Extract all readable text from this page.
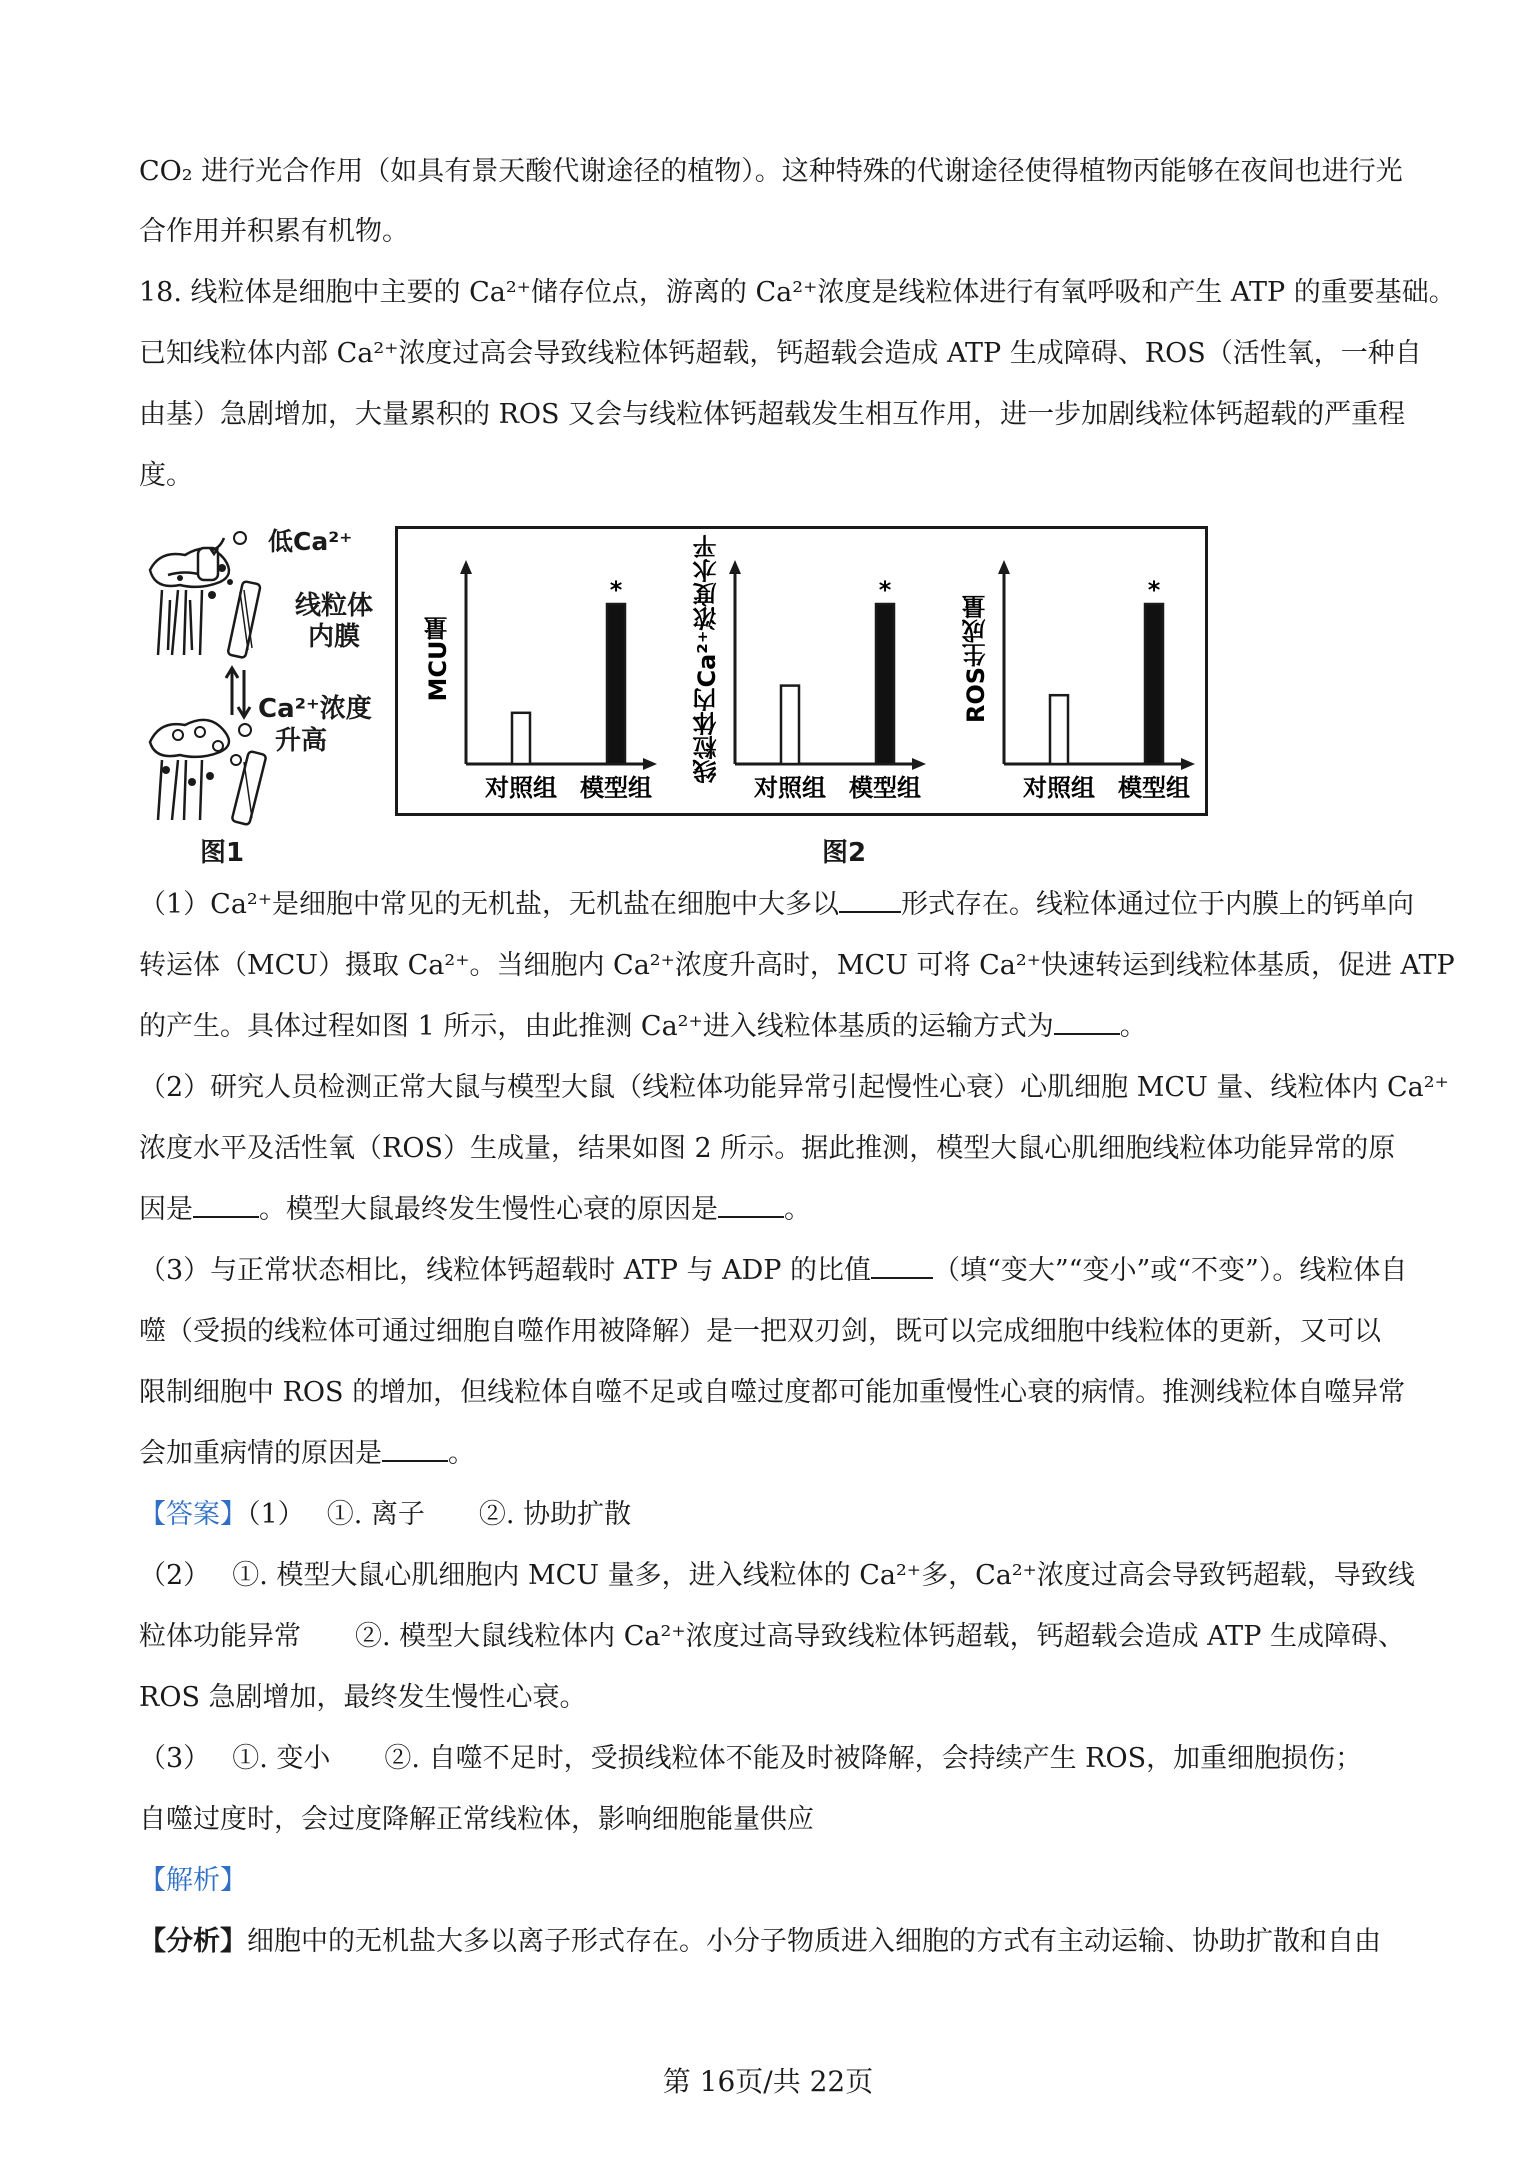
CO₂ 进行光合作用（如具有景天酸代谢途径的植物）。这种特殊的代谢途径使得植物丙能够在夜间也进行光
合作用并积累有机物。
18. 线粒体是细胞中主要的 Ca²⁺储存位点，游离的 Ca²⁺浓度是线粒体进行有氧呼吸和产生 ATP 的重要基础。
已知线粒体内部 Ca²⁺浓度过高会导致线粒体钙超载，钙超载会造成 ATP 生成障碍、ROS（活性氧，一种自
由基）急剧增加，大量累积的 ROS 又会与线粒体钙超载发生相互作用，进一步加剧线粒体钙超载的严重程
度。
低Ca²⁺
线粒体
内膜
Ca²⁺浓度
升高
图1
MCU量
对照组 模型组
*	线粒体内Ca²⁺浓度水平
对照组 模型组
*
ROS生成量
对照组 模型组
*
图2
（1）Ca²⁺是细胞中常见的无机盐，无机盐在细胞中大多以 形式存在。线粒体通过位于内膜上的钙单向
转运体（MCU）摄取 Ca²⁺。当细胞内 Ca²⁺浓度升高时，MCU 可将 Ca²⁺快速转运到线粒体基质，促进 ATP
的产生。具体过程如图 1 所示，由此推测 Ca²⁺进入线粒体基质的运输方式为 。
（2）研究人员检测正常大鼠与模型大鼠（线粒体功能异常引起慢性心衰）心肌细胞 MCU 量、线粒体内 Ca²⁺
浓度水平及活性氧（ROS）生成量，结果如图 2 所示。据此推测，模型大鼠心肌细胞线粒体功能异常的原
因是 。模型大鼠最终发生慢性心衰的原因是 。
（3）与正常状态相比，线粒体钙超载时 ATP 与 ADP 的比值 （填“变大”“变小”或“不变”）。线粒体自
噬（受损的线粒体可通过细胞自噬作用被降解）是一把双刃剑，既可以完成细胞中线粒体的更新，又可以
限制细胞中 ROS 的增加，但线粒体自噬不足或自噬过度都可能加重慢性心衰的病情。推测线粒体自噬异常
会加重病情的原因是 。
【答案】（1）　 ①. 离子　　②. 协助扩散
（2）　 ①. 模型大鼠心肌细胞内 MCU 量多，进入线粒体的 Ca²⁺多，Ca²⁺浓度过高会导致钙超载，导致线
粒体功能异常　　②. 模型大鼠线粒体内 Ca²⁺浓度过高导致线粒体钙超载，钙超载会造成 ATP 生成障碍、
ROS 急剧增加，最终发生慢性心衰。
（3）　 ①. 变小　　②. 自噬不足时，受损线粒体不能及时被降解，会持续产生 ROS，加重细胞损伤；
自噬过度时，会过度降解正常线粒体，影响细胞能量供应
【解析】
【分析】细胞中的无机盐大多以离子形式存在。小分子物质进入细胞的方式有主动运输、协助扩散和自由
第 16页/共 22页
